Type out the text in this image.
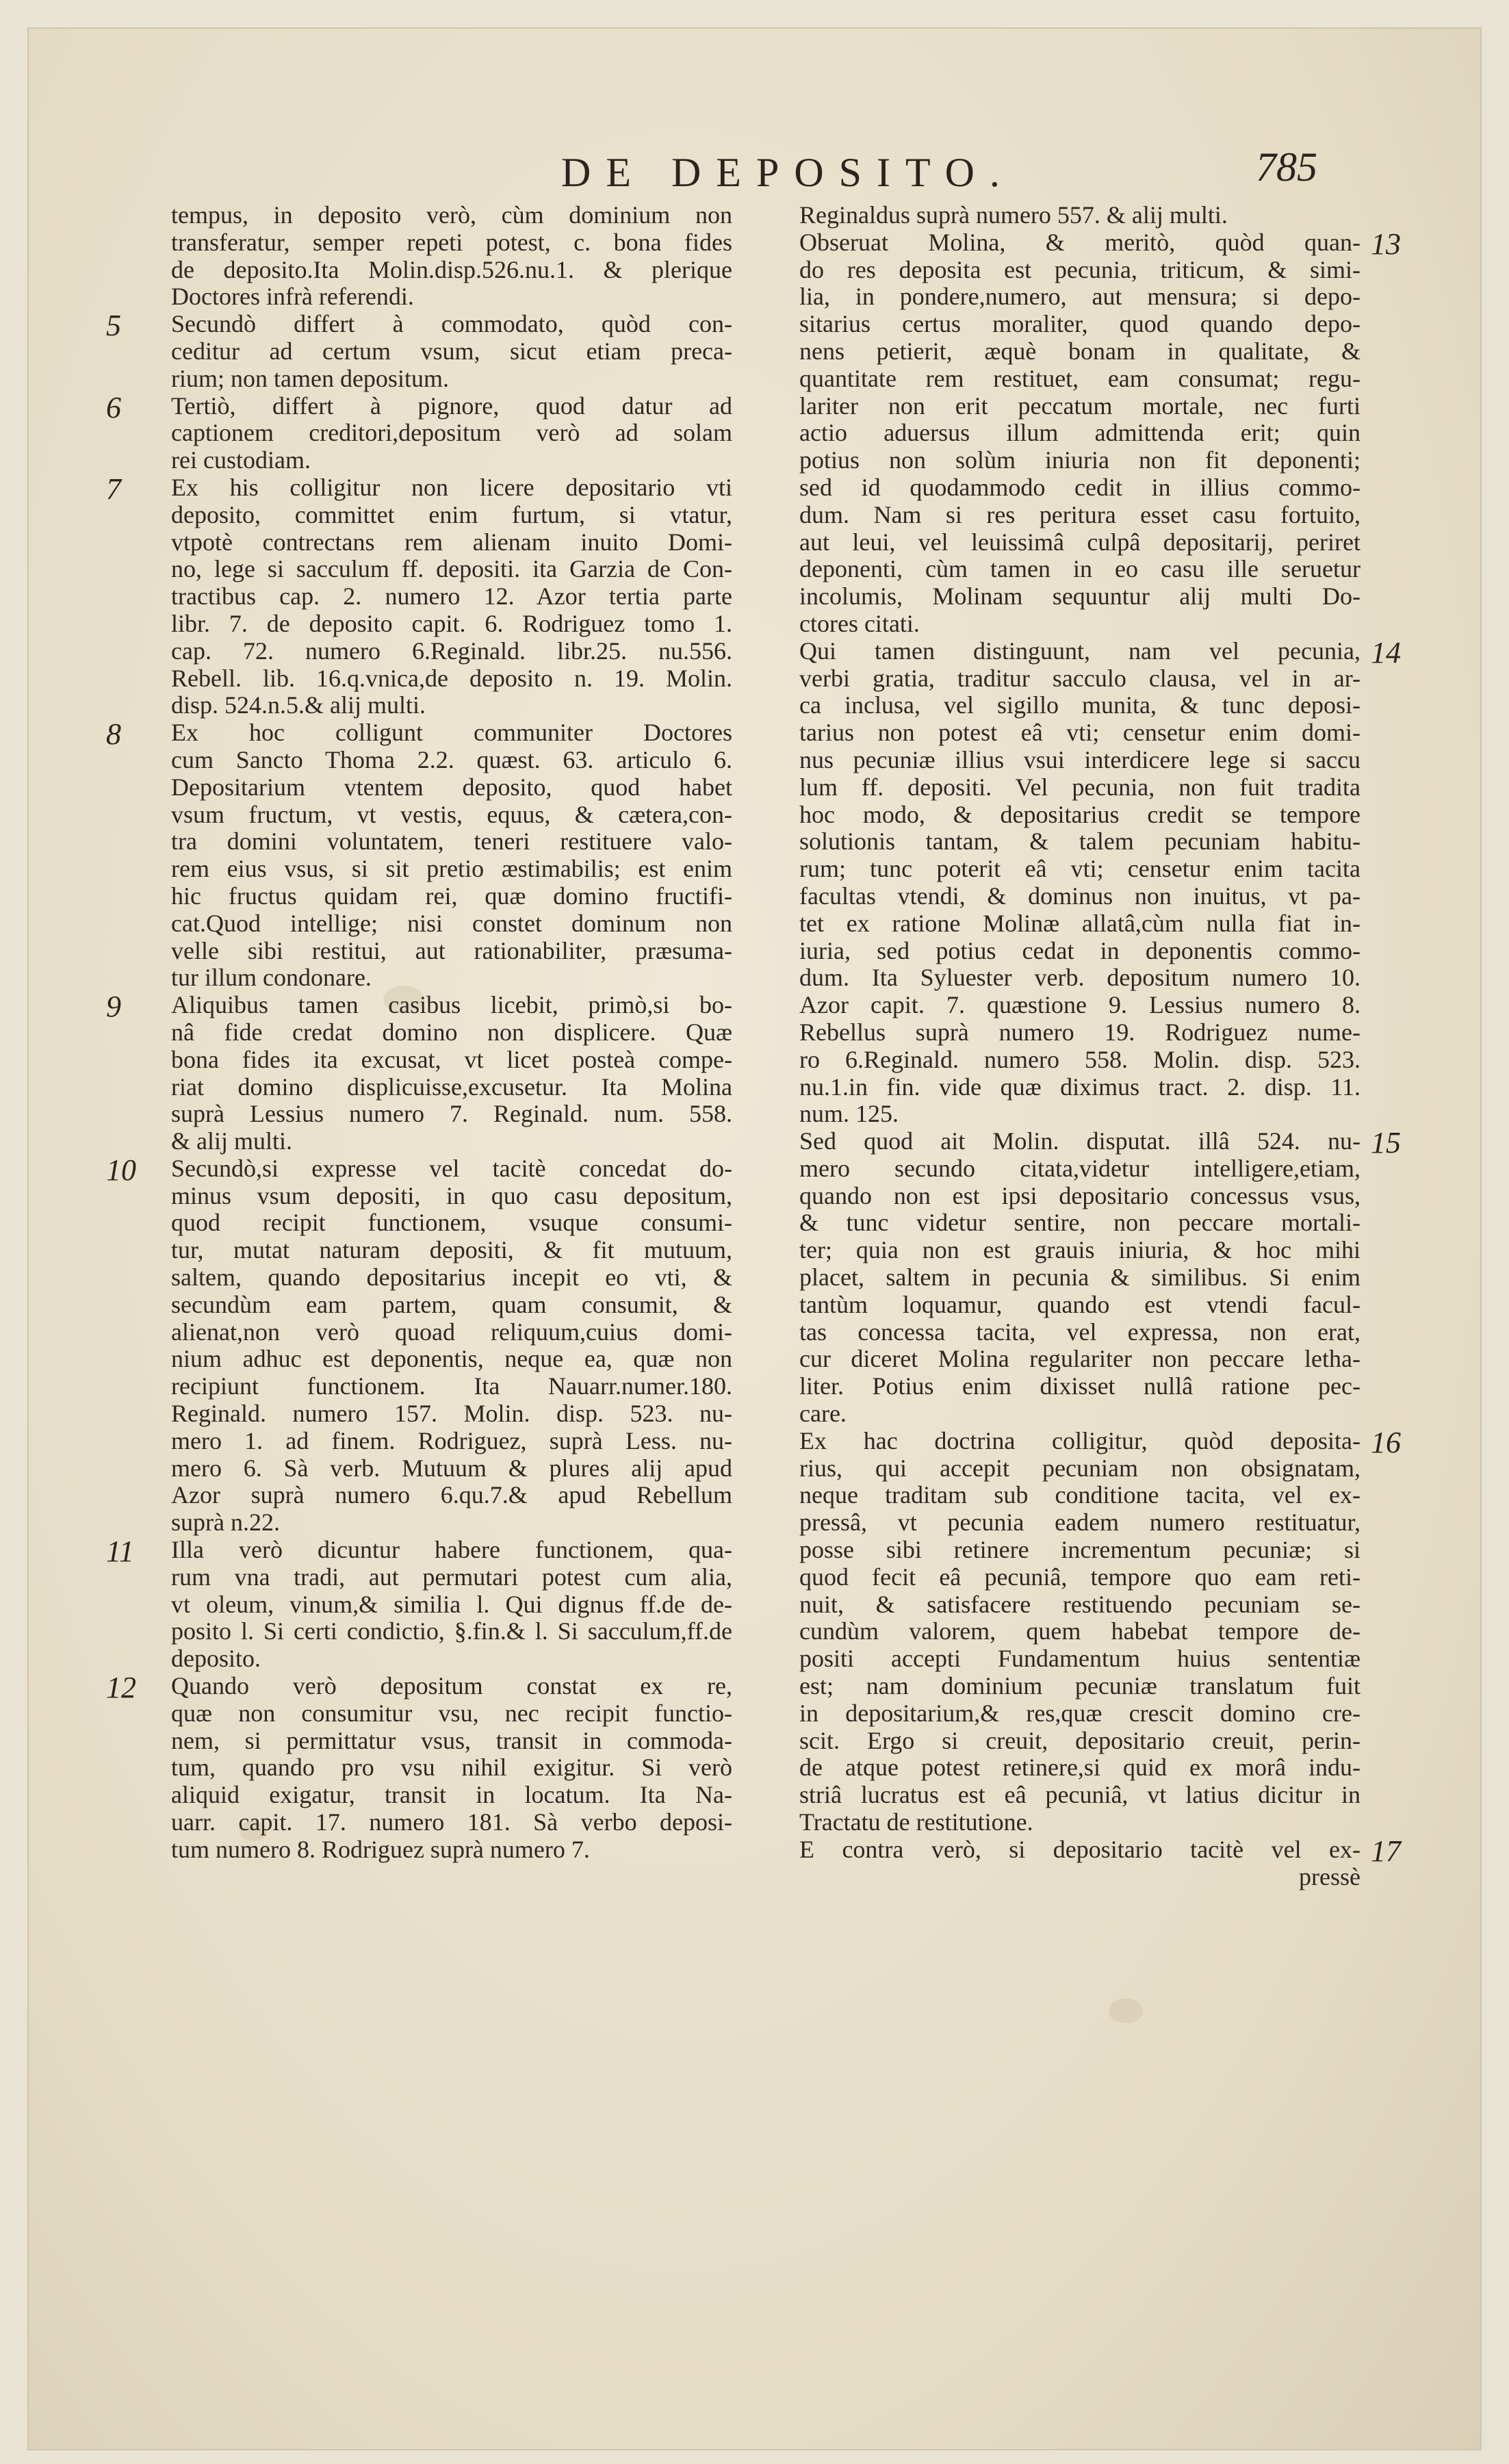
DE DEPOSITO.	785
tempus, in deposito verò, cùm dominium non
transferatur, semper repeti potest, c. bona fides
de deposito.Ita Molin.disp.526.nu.1. & plerique
Doctores infrà referendi.
Secundò differt à commodato, quòd con-
5
ceditur ad certum vsum, sicut etiam preca-
rium; non tamen depositum.
Tertiò, differt à pignore, quod datur ad
6
captionem creditori,depositum verò ad solam
rei custodiam.
Ex his colligitur non licere depositario vti
7
deposito, committet enim furtum, si vtatur,
vtpotè contrectans rem alienam inuito Domi-
no, lege si sacculum ff. depositi. ita Garzia de Con-
tractibus cap. 2. numero 12. Azor tertia parte
libr. 7. de deposito capit. 6. Rodriguez tomo 1.
cap. 72. numero 6.Reginald. libr.25. nu.556.
Rebell. lib. 16.q.vnica,de deposito n. 19. Molin.
disp. 524.n.5.& alij multi.
Ex hoc colligunt communiter Doctores
8
cum Sancto Thoma 2.2. quæst. 63. articulo 6.
Depositarium vtentem deposito, quod habet
vsum fructum, vt vestis, equus, & cætera,con-
tra domini voluntatem, teneri restituere valo-
rem eius vsus, si sit pretio æstimabilis; est enim
hic fructus quidam rei, quæ domino fructifi-
cat.Quod intellige; nisi constet dominum non
velle sibi restitui, aut rationabiliter, præsuma-
tur illum condonare.
Aliquibus tamen casibus licebit, primò,si bo-
9
nâ fide credat domino non displicere. Quæ
bona fides ita excusat, vt licet posteà compe-
riat domino displicuisse,excusetur. Ita Molina
suprà Lessius numero 7. Reginald. num. 558.
& alij multi.
Secundò,si expresse vel tacitè concedat do-
10
minus vsum depositi, in quo casu depositum,
quod recipit functionem, vsuque consumi-
tur, mutat naturam depositi, & fit mutuum,
saltem, quando depositarius incepit eo vti, &
secundùm eam partem, quam consumit, &
alienat,non verò quoad reliquum,cuius domi-
nium adhuc est deponentis, neque ea, quæ non
recipiunt functionem. Ita Nauarr.numer.180.
Reginald. numero 157. Molin. disp. 523. nu-
mero 1. ad finem. Rodriguez, suprà Less. nu-
mero 6. Sà verb. Mutuum & plures alij apud
Azor suprà numero 6.qu.7.& apud Rebellum
suprà n.22.
Illa verò dicuntur habere functionem, qua-
11
rum vna tradi, aut permutari potest cum alia,
vt oleum, vinum,& similia l. Qui dignus ff.de de-
posito l. Si certi condictio, §.fin.& l. Si sacculum,ff.de
deposito.
Quando verò depositum constat ex re,
12
quæ non consumitur vsu, nec recipit functio-
nem, si permittatur vsus, transit in commoda-
tum, quando pro vsu nihil exigitur. Si verò
aliquid exigatur, transit in locatum. Ita Na-
uarr. capit. 17. numero 181. Sà verbo deposi-
tum numero 8. Rodriguez suprà numero 7.
Reginaldus suprà numero 557. & alij multi.
Obseruat Molina, & meritò, quòd quan- 13
do res deposita est pecunia, triticum, & simi-
lia, in pondere,numero, aut mensura; si depo-
sitarius certus moraliter, quod quando depo-
nens petierit, æquè bonam in qualitate, &
quantitate rem restituet, eam consumat; regu-
lariter non erit peccatum mortale, nec furti
actio aduersus illum admittenda erit; quin
potius non solùm iniuria non fit deponenti;
sed id quodammodo cedit in illius commo-
dum. Nam si res peritura esset casu fortuito,
aut leui, vel leuissimâ culpâ depositarij, periret
deponenti, cùm tamen in eo casu ille seruetur
incolumis, Molinam sequuntur alij multi Do-
ctores citati.
Qui tamen distinguunt, nam vel pecunia, 14
verbi gratia, traditur sacculo clausa, vel in ar-
ca inclusa, vel sigillo munita, & tunc deposi-
tarius non potest eâ vti; censetur enim domi-
nus pecuniæ illius vsui interdicere lege si saccu
lum ff. depositi. Vel pecunia, non fuit tradita
hoc modo, & depositarius credit se tempore
solutionis tantam, & talem pecuniam habitu-
rum; tunc poterit eâ vti; censetur enim tacita
facultas vtendi, & dominus non inuitus, vt pa-
tet ex ratione Molinæ allatâ,cùm nulla fiat in-
iuria, sed potius cedat in deponentis commo-
dum. Ita Syluester verb. depositum numero 10.
Azor capit. 7. quæstione 9. Lessius numero 8.
Rebellus suprà numero 19. Rodriguez nume-
ro 6.Reginald. numero 558. Molin. disp. 523.
nu.1.in fin. vide quæ diximus tract. 2. disp. 11.
num. 125.
Sed quod ait Molin. disputat. illâ 524. nu- 15
mero secundo citata,videtur intelligere,etiam,
quando non est ipsi depositario concessus vsus,
& tunc videtur sentire, non peccare mortali-
ter; quia non est grauis iniuria, & hoc mihi
placet, saltem in pecunia & similibus. Si enim
tantùm loquamur, quando est vtendi facul-
tas concessa tacita, vel expressa, non erat,
cur diceret Molina regulariter non peccare letha-
liter. Potius enim dixisset nullâ ratione pec-
care.
Ex hac doctrina colligitur, quòd deposita- 16
rius, qui accepit pecuniam non obsignatam,
neque traditam sub conditione tacita, vel ex-
pressâ, vt pecunia eadem numero restituatur,
posse sibi retinere incrementum pecuniæ; si
quod fecit eâ pecuniâ, tempore quo eam reti-
nuit, & satisfacere restituendo pecuniam se-
cundùm valorem, quem habebat tempore de-
positi accepti Fundamentum huius sententiæ
est; nam dominium pecuniæ translatum fuit
in depositarium,& res,quæ crescit domino cre-
scit. Ergo si creuit, depositario creuit, perin-
de atque potest retinere,si quid ex morâ indu-
striâ lucratus est eâ pecuniâ, vt latius dicitur in
Tractatu de restitutione.
E contra verò, si depositario tacitè vel ex- 17
pressè
